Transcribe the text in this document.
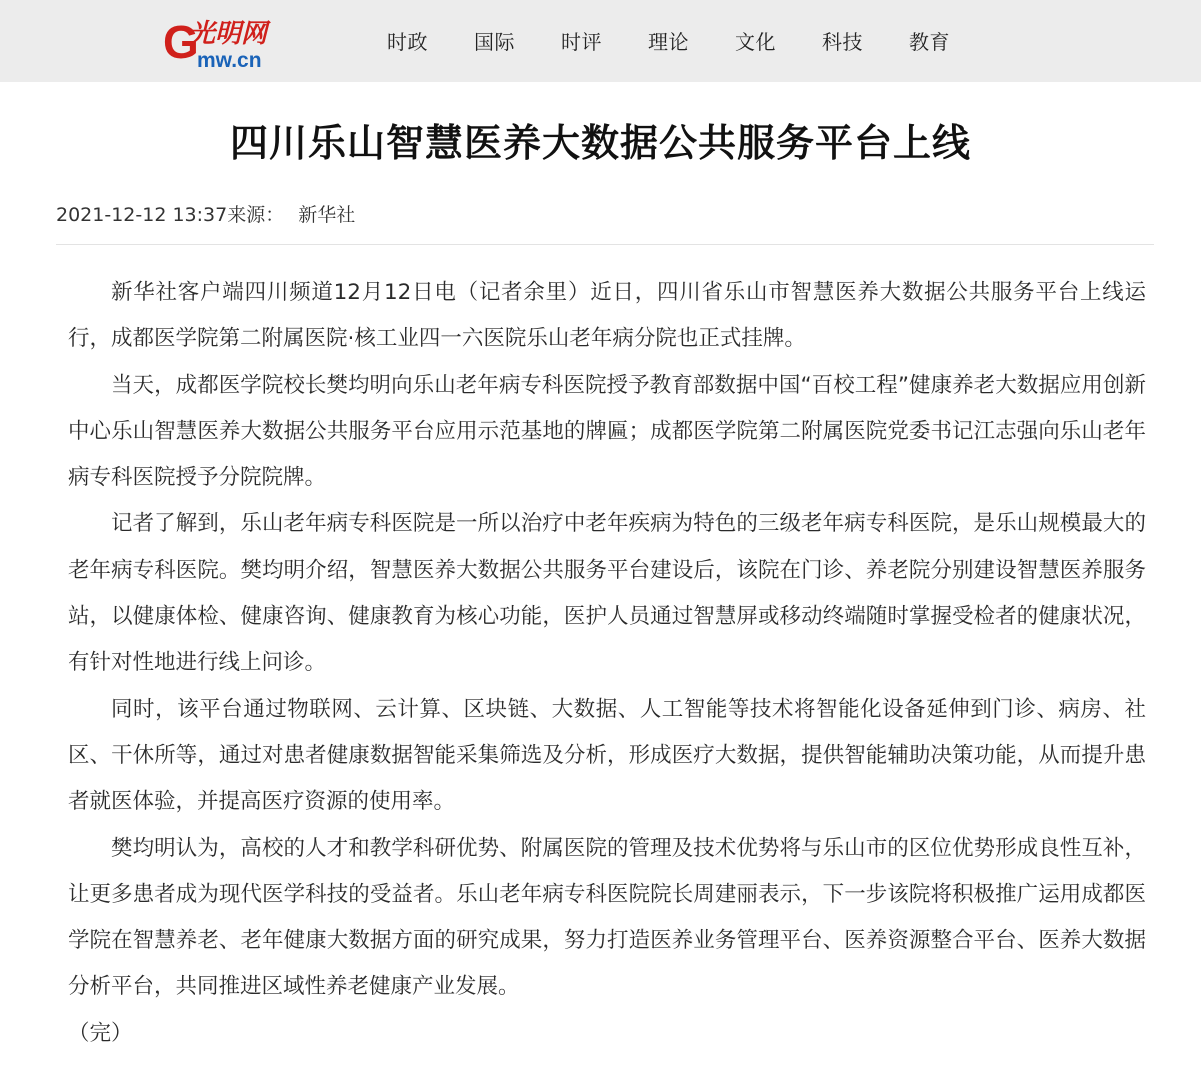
G
光明网
mw.cn
时政	国际	时评	理论	文化	科技	教育
四川乐山智慧医养大数据公共服务平台上线
2021-12-12 13:37来源： 新华社

新华社客户端四川频道12月12日电（记者余里）近日，四川省乐山市智慧医养大数据公共服务平台上线运行，成都医学院第二附属医院·核工业四一六医院乐山老年病分院也正式挂牌。

当天，成都医学院校长樊均明向乐山老年病专科医院授予教育部数据中国“百校工程”健康养老大数据应用创新中心乐山智慧医养大数据公共服务平台应用示范基地的牌匾；成都医学院第二附属医院党委书记江志强向乐山老年病专科医院授予分院院牌。

记者了解到，乐山老年病专科医院是一所以治疗中老年疾病为特色的三级老年病专科医院，是乐山规模最大的老年病专科医院。樊均明介绍，智慧医养大数据公共服务平台建设后，该院在门诊、养老院分别建设智慧医养服务站，以健康体检、健康咨询、健康教育为核心功能，医护人员通过智慧屏或移动终端随时掌握受检者的健康状况，有针对性地进行线上问诊。

同时，该平台通过物联网、云计算、区块链、大数据、人工智能等技术将智能化设备延伸到门诊、病房、社区、干休所等，通过对患者健康数据智能采集筛选及分析，形成医疗大数据，提供智能辅助决策功能，从而提升患者就医体验，并提高医疗资源的使用率。

樊均明认为，高校的人才和教学科研优势、附属医院的管理及技术优势将与乐山市的区位优势形成良性互补，让更多患者成为现代医学科技的受益者。乐山老年病专科医院院长周建丽表示，下一步该院将积极推广运用成都医学院在智慧养老、老年健康大数据方面的研究成果，努力打造医养业务管理平台、医养资源整合平台、医养大数据分析平台，共同推进区域性养老健康产业发展。

（完）
